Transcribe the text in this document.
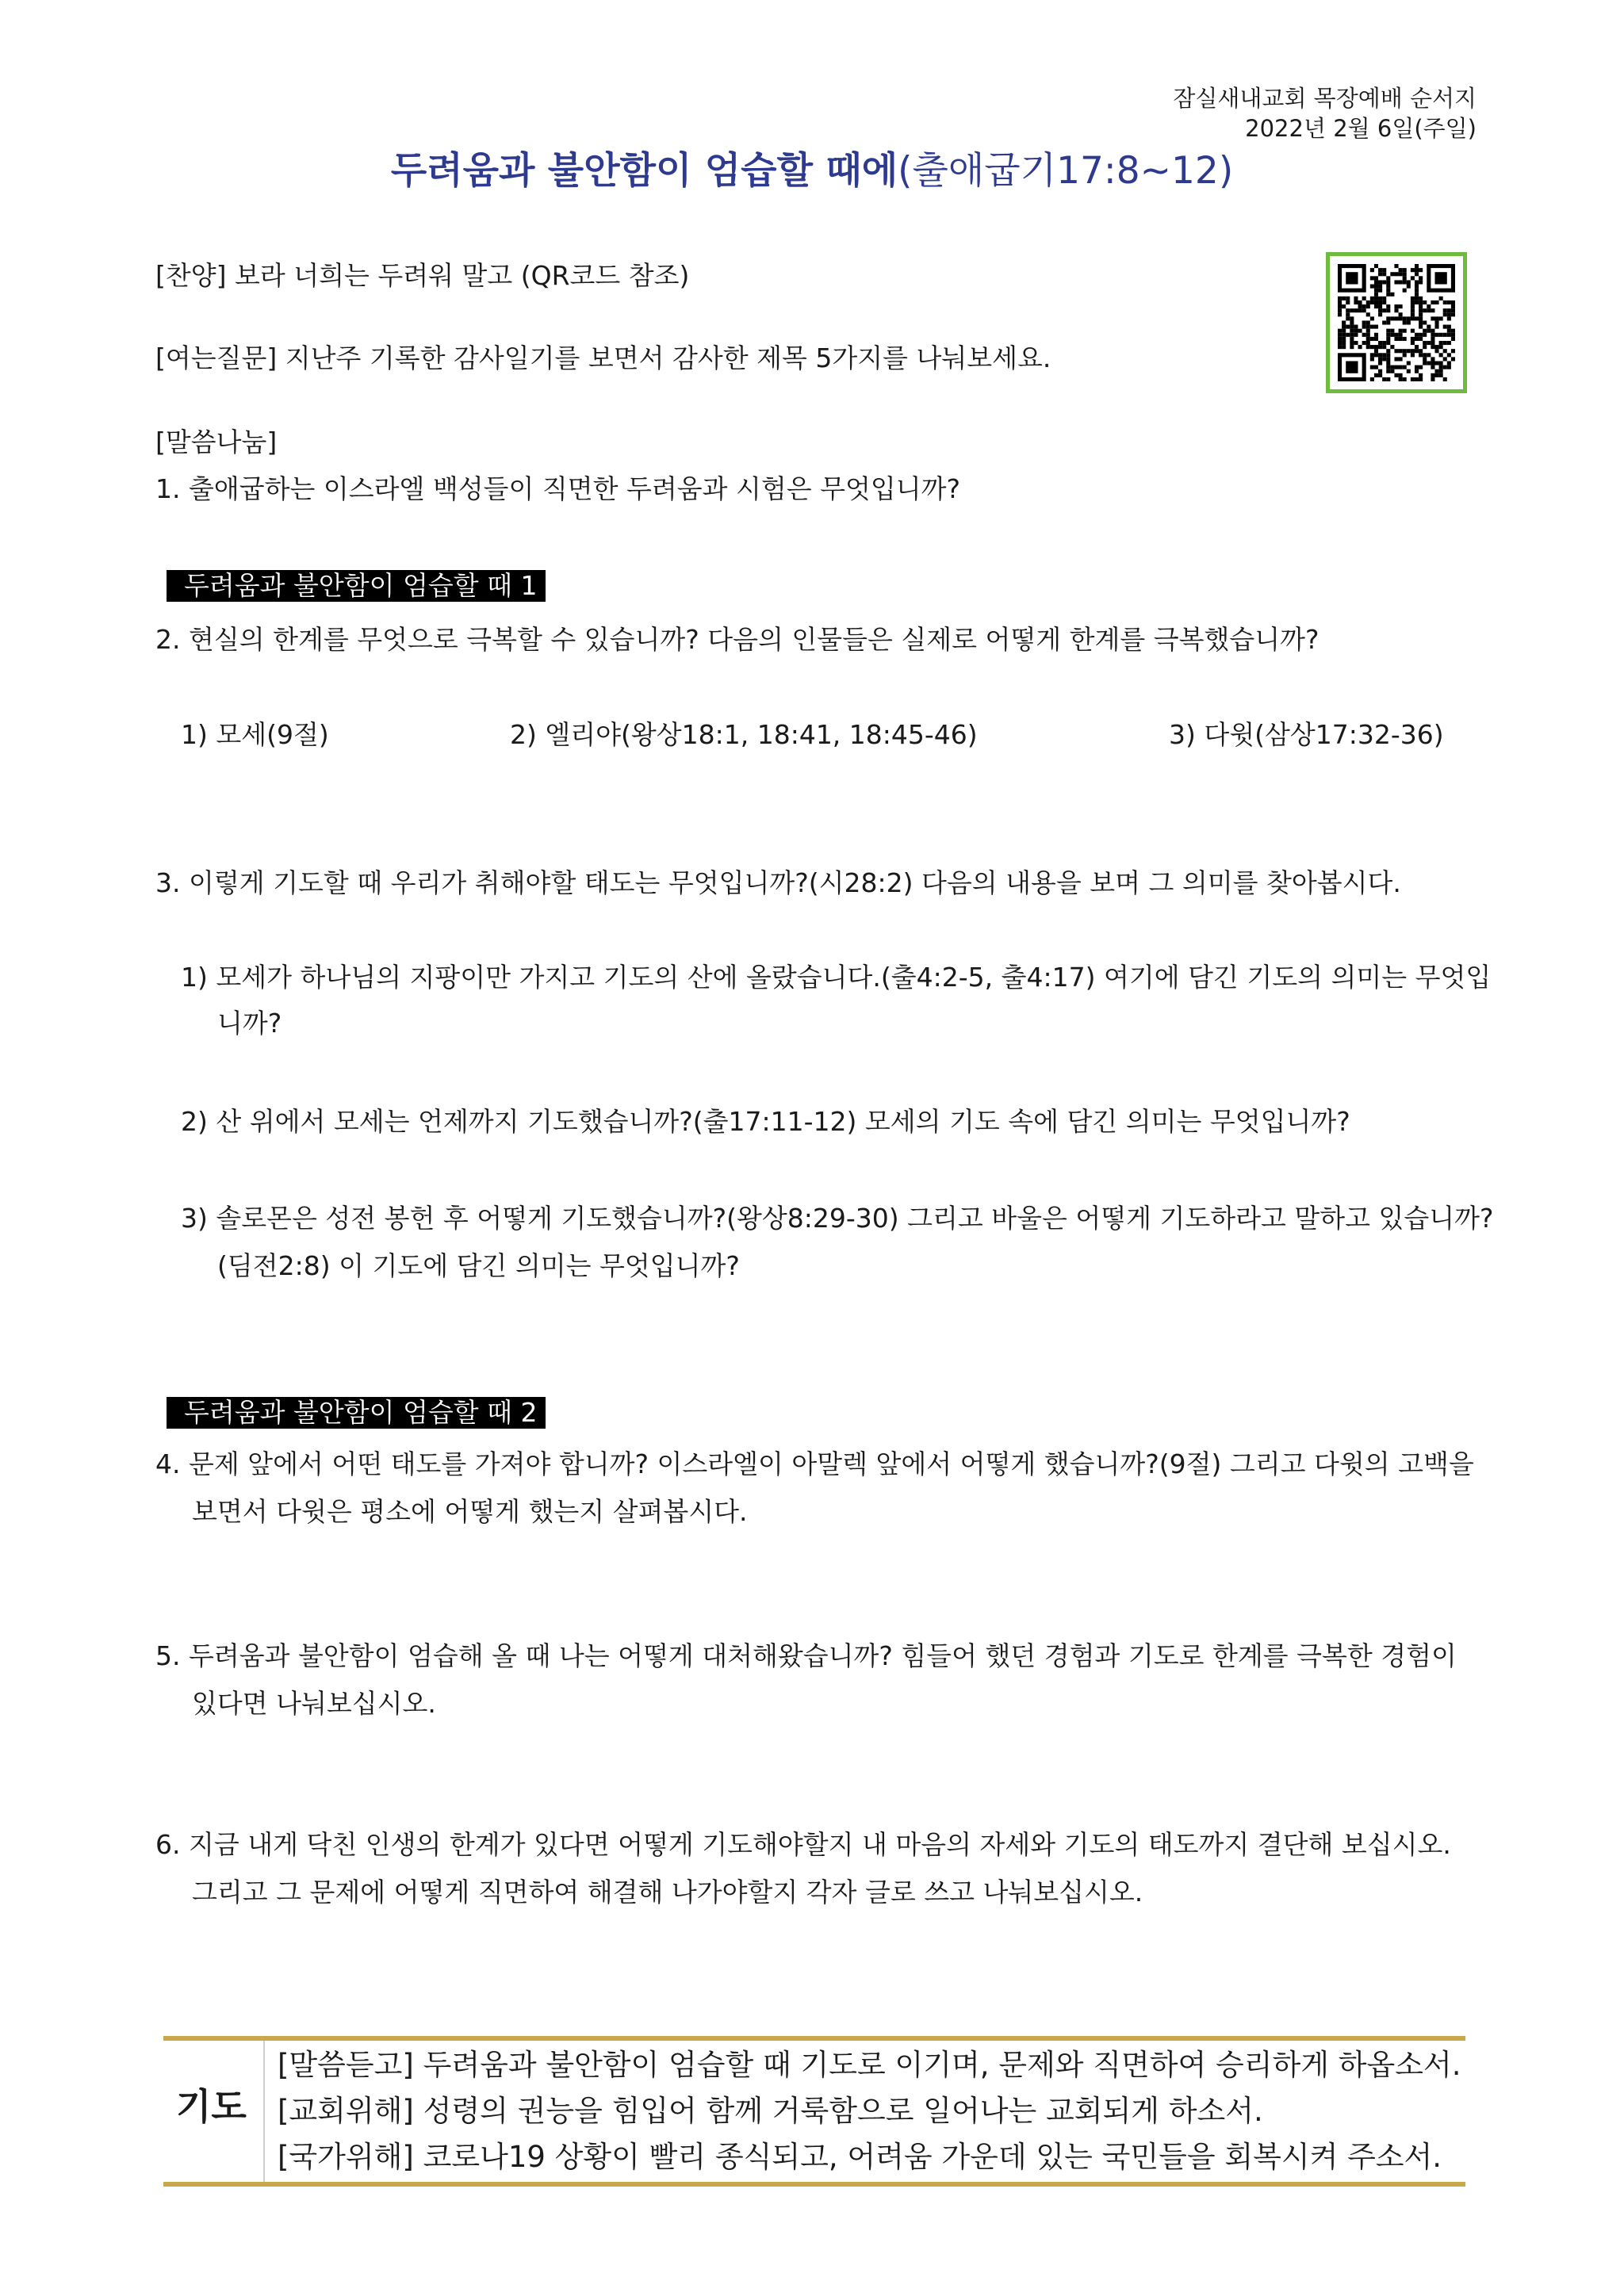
잠실새내교회 목장예배 순서지
2022년 2월 6일(주일)
두려움과 불안함이 엄습할 때에(출애굽기17:8~12)
[찬양] 보라 너희는 두려워 말고 (QR코드 참조)
[여는질문] 지난주 기록한 감사일기를 보면서 감사한 제목 5가지를 나눠보세요.
[말씀나눔]
1. 출애굽하는 이스라엘 백성들이 직면한 두려움과 시험은 무엇입니까?
두려움과 불안함이 엄습할 때 1
2. 현실의 한계를 무엇으로 극복할 수 있습니까? 다음의 인물들은 실제로 어떻게 한계를 극복했습니까?
1) 모세(9절)	2) 엘리야(왕상18:1, 18:41, 18:45-46)	3) 다윗(삼상17:32-36)
3. 이렇게 기도할 때 우리가 취해야할 태도는 무엇입니까?(시28:2) 다음의 내용을 보며 그 의미를 찾아봅시다.
1) 모세가 하나님의 지팡이만 가지고 기도의 산에 올랐습니다.(출4:2-5, 출4:17) 여기에 담긴 기도의 의미는 무엇입
니까?
2) 산 위에서 모세는 언제까지 기도했습니까?(출17:11-12) 모세의 기도 속에 담긴 의미는 무엇입니까?
3) 솔로몬은 성전 봉헌 후 어떻게 기도했습니까?(왕상8:29-30) 그리고 바울은 어떻게 기도하라고 말하고 있습니까?
(딤전2:8) 이 기도에 담긴 의미는 무엇입니까?
두려움과 불안함이 엄습할 때 2
4. 문제 앞에서 어떤 태도를 가져야 합니까? 이스라엘이 아말렉 앞에서 어떻게 했습니까?(9절) 그리고 다윗의 고백을
보면서 다윗은 평소에 어떻게 했는지 살펴봅시다.
5. 두려움과 불안함이 엄습해 올 때 나는 어떻게 대처해왔습니까? 힘들어 했던 경험과 기도로 한계를 극복한 경험이
있다면 나눠보십시오.
6. 지금 내게 닥친 인생의 한계가 있다면 어떻게 기도해야할지 내 마음의 자세와 기도의 태도까지 결단해 보십시오.
그리고 그 문제에 어떻게 직면하여 해결해 나가야할지 각자 글로 쓰고 나눠보십시오.
기도
[말씀듣고] 두려움과 불안함이 엄습할 때 기도로 이기며, 문제와 직면하여 승리하게 하옵소서.
[교회위해] 성령의 권능을 힘입어 함께 거룩함으로 일어나는 교회되게 하소서.
[국가위해] 코로나19 상황이 빨리 종식되고, 어려움 가운데 있는 국민들을 회복시켜 주소서.
